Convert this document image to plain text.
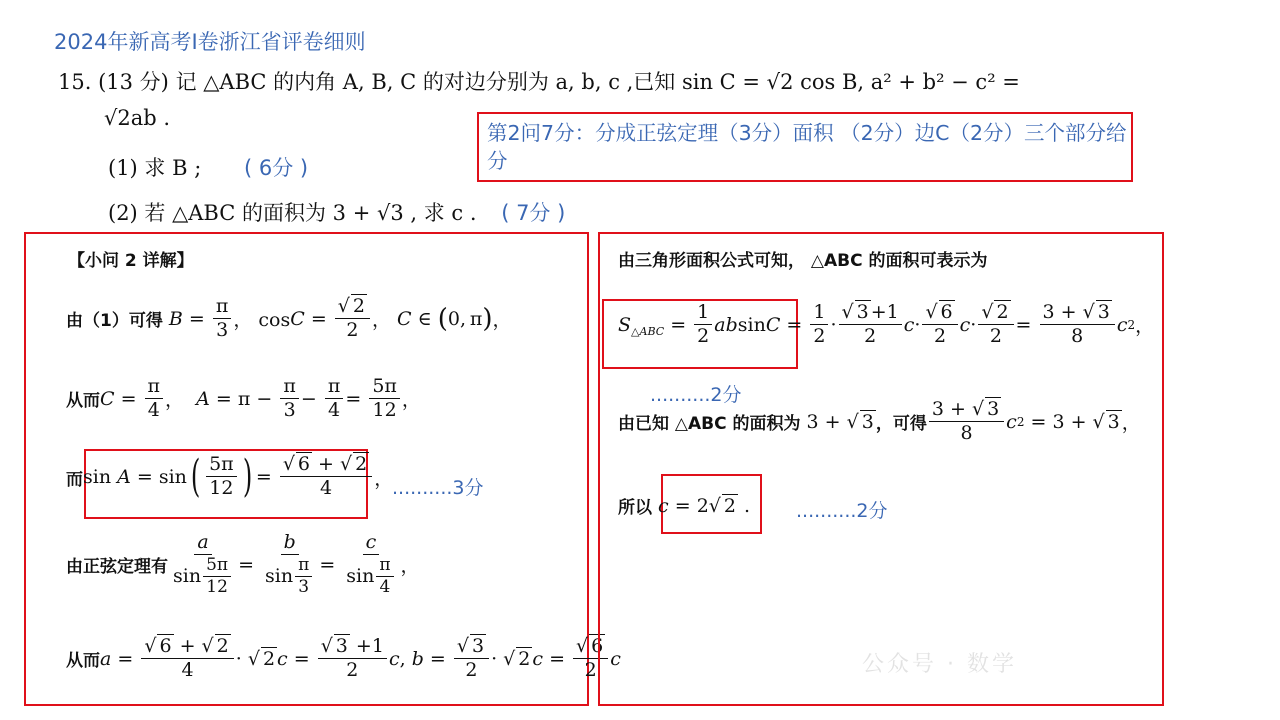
2024年新高考Ⅰ卷浙江省评卷细则
15. (13 分) 记 △ABC 的内角 A, B, C 的对边分别为 a, b, c ,已知 sin C = √2 cos B, a² + b² − c² =
√2ab .
(1) 求 B ; ( 6分 )
(2) 若 △ABC 的面积为 3 + √3 , 求 c . ( 7分 )
第2问7分：分成正弦定理（3分）面积 （2分）边C（2分）三个部分给分
【小问 2 详解】
由（1）可得 $B = \frac{\pi}{3}$ ， $\cos C = \frac{√ 2}{2}$ ， C ∈ ( 0, π ) ，
从而 $C = \frac{\pi}{4}$ ， $A = \pi - \frac{\pi}{3} - \frac{\pi}{4} = \frac{5\pi}{12}$ ，
而 sin A = sin ( $\frac{5\pi}{12}$ ) = $\frac{√ 6 + √ 2}{4}$ ，
..........3分
由正弦定理有 $\frac{a}{\sin \frac{5\pi}{12}} = \frac{b}{\sin \frac{\pi}{3}} = \frac{c}{\sin \frac{\pi}{4}}$ ，
从而 $a = \frac{√ 6 + √ 2}{4}$ · √ 2 $c = \frac{√ 3 +1}{2}$ c , $b = \frac{√ 3}{2}$ · √ 2 $c = \frac{√ 6}{2}$ c
由三角形面积公式可知， △ABC 的面积可表示为
S △ABC = $\frac{1}{2}$ ab $\sin C = \frac{1}{2} \cdot \frac{√ 3 +1}{2}$ $c \cdot \frac{√ 6}{2}$ $c \cdot \frac{√ 2}{2} = \frac{3 + √ 3}{8}$ c 2 ，
..........2分
由已知 △ABC 的面积为 3 + √ 3 ，可得 $\frac{3 + √ 3}{8}$ c 2 = 3 + √ 3 ，
所以
c = 2 √ 2 . ..........2分
公众号 · 数学
